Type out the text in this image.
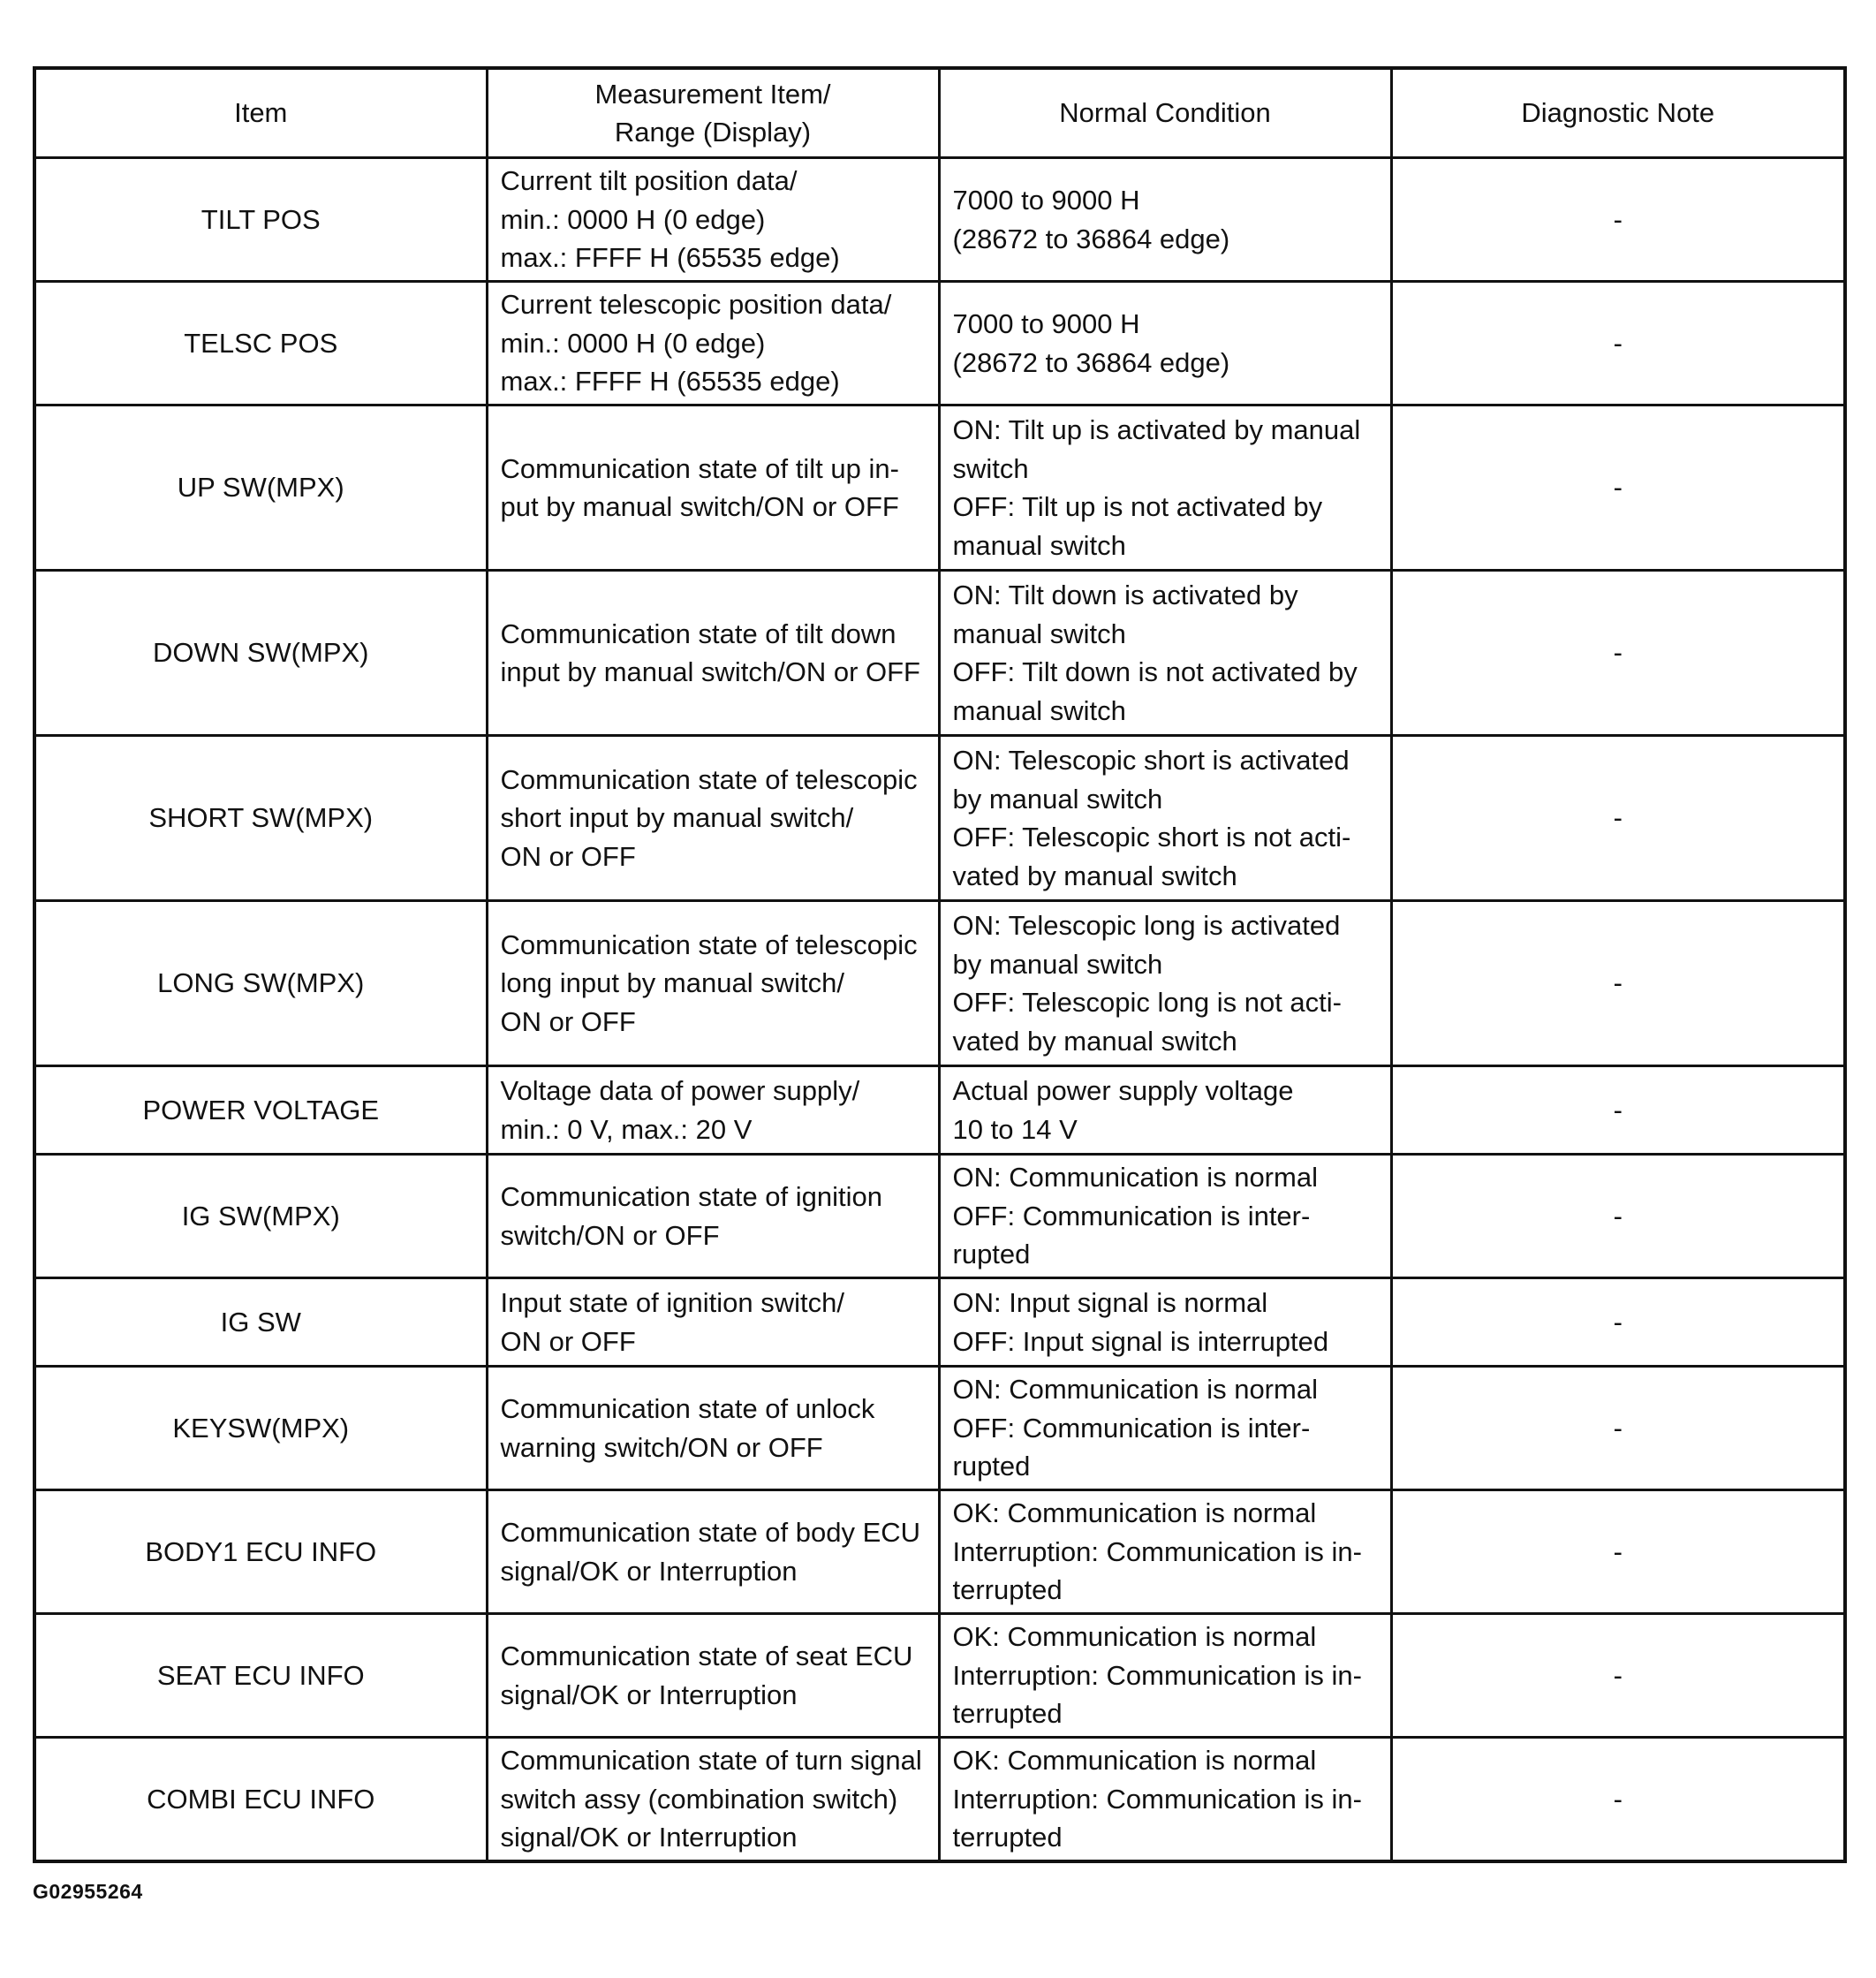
Item	Measurement Item/
Range (Display)	Normal Condition	Diagnostic Note

TILT POS	Current tilt position data/
min.: 0000 H (0 edge)
max.: FFFF H (65535 edge)	7000 to 9000 H
(28672 to 36864 edge)	-
TELSC POS	Current telescopic position data/
min.: 0000 H (0 edge)
max.: FFFF H (65535 edge)	7000 to 9000 H
(28672 to 36864 edge)	-
UP SW(MPX)	Communication state of tilt up in-
put by manual switch/ON or OFF	ON: Tilt up is activated by manual
switch
OFF: Tilt up is not activated by
manual switch	-
DOWN SW(MPX)	Communication state of tilt down
input by manual switch/ON or OFF	ON: Tilt down is activated by
manual switch
OFF: Tilt down is not activated by
manual switch	-
SHORT SW(MPX)	Communication state of telescopic
short input by manual switch/
ON or OFF	ON: Telescopic short is activated
by manual switch
OFF: Telescopic short is not acti-
vated by manual switch	-
LONG SW(MPX)	Communication state of telescopic
long input by manual switch/
ON or OFF	ON: Telescopic long is activated
by manual switch
OFF: Telescopic long is not acti-
vated by manual switch	-
POWER VOLTAGE	Voltage data of power supply/
min.: 0 V, max.: 20 V	Actual power supply voltage
10 to 14 V	-
IG SW(MPX)	Communication state of ignition
switch/ON or OFF	ON: Communication is normal
OFF: Communication is inter-
rupted	-
IG SW	Input state of ignition switch/
ON or OFF	ON: Input signal is normal
OFF: Input signal is interrupted	-
KEYSW(MPX)	Communication state of unlock
warning switch/ON or OFF	ON: Communication is normal
OFF: Communication is inter-
rupted	-
BODY1 ECU INFO	Communication state of body ECU
signal/OK or Interruption	OK: Communication is normal
Interruption: Communication is in-
terrupted	-
SEAT ECU INFO	Communication state of seat ECU
signal/OK or Interruption	OK: Communication is normal
Interruption: Communication is in-
terrupted	-
COMBI ECU INFO	Communication state of turn signal
switch assy (combination switch)
signal/OK or Interruption	OK: Communication is normal
Interruption: Communication is in-
terrupted	-
G02955264
